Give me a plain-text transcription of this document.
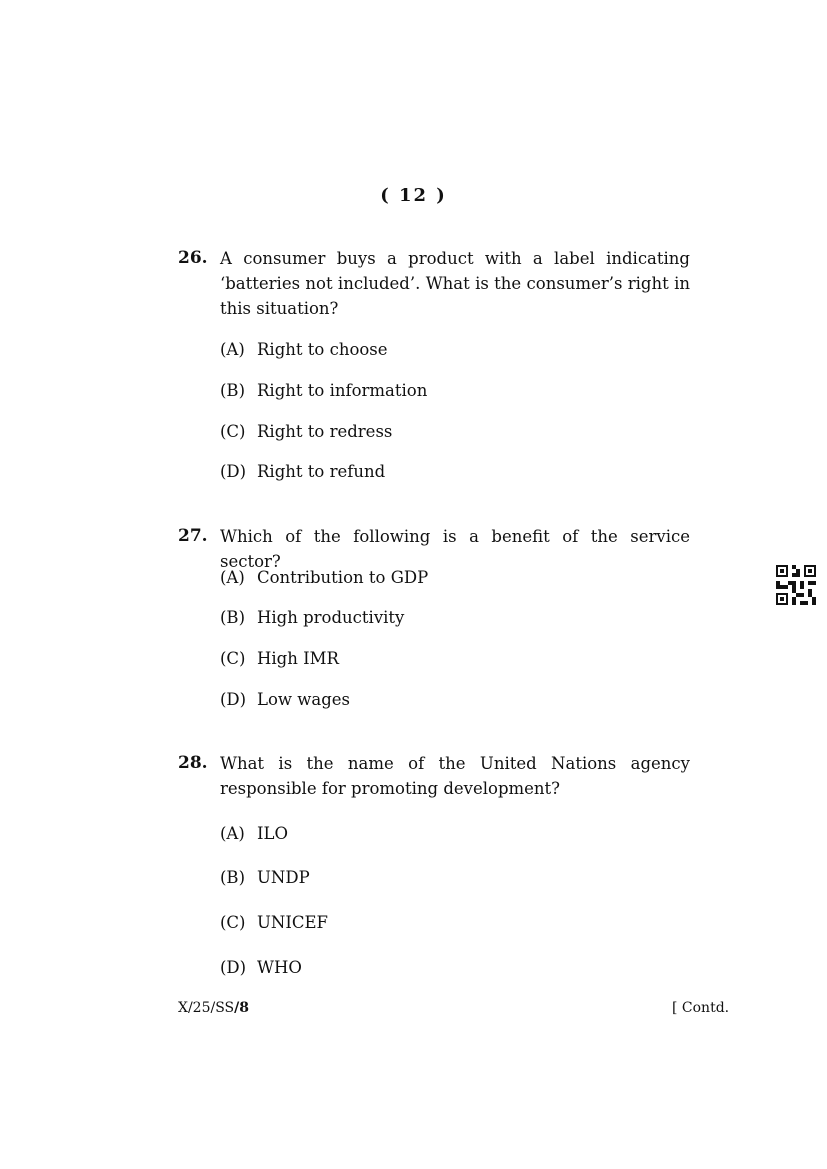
( 12 )
26. A consumer buys a product with a label indicating ‘batteries not included’. What is the consumer’s right in this situation?
(A) Right to choose
(B) Right to information
(C) Right to redress
(D) Right to refund
27. Which of the following is a benefit of the service sector?
(A) Contribution to GDP
(B) High productivity
(C) High IMR
(D) Low wages
28. What is the name of the United Nations agency responsible for promoting development?
(A) ILO
(B) UNDP
(C) UNICEF
(D) WHO
X/25/SS/8	[ Contd.
